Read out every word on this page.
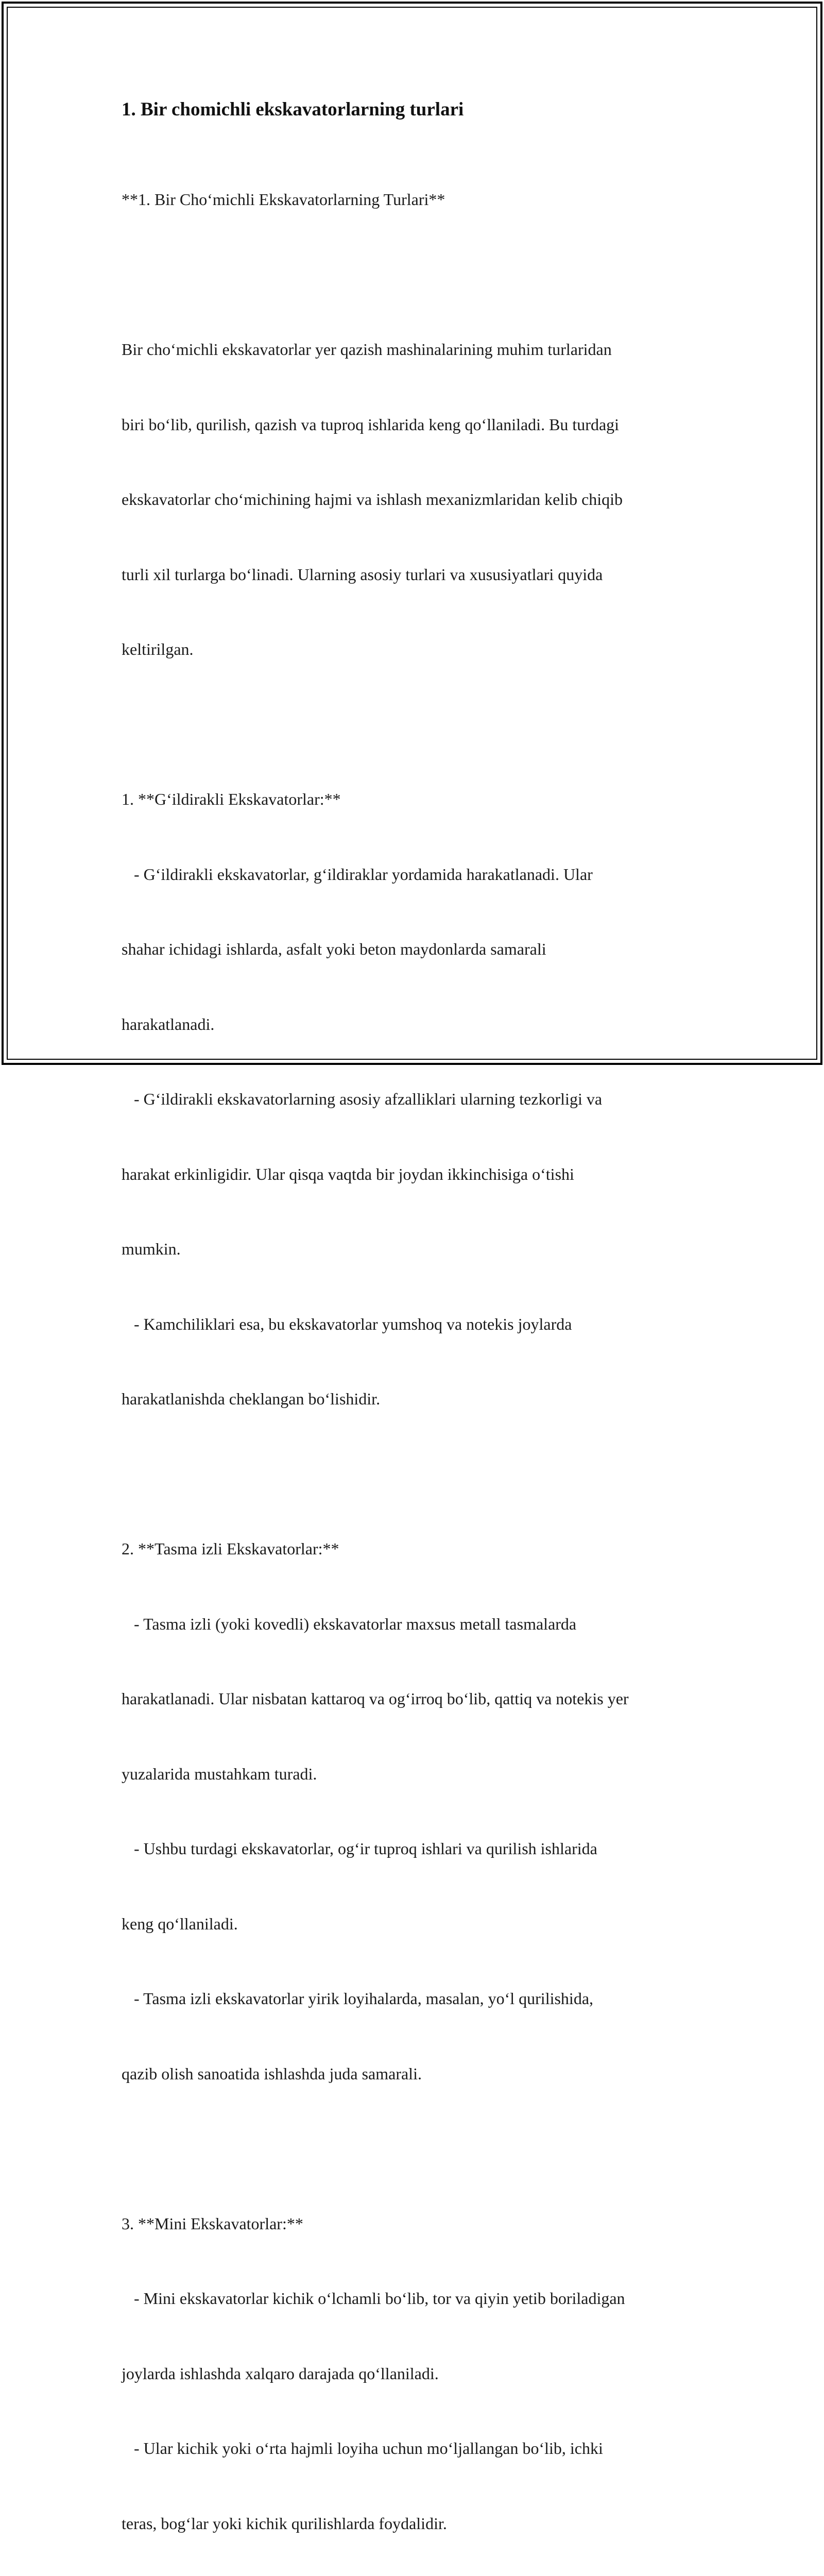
1. Bir chomichli ekskavatorlarning turlari

**1. Bir Cho‘michli Ekskavatorlarning Turlari**

Bir cho‘michli ekskavatorlar yer qazish mashinalarining muhim turlaridan

biri bo‘lib, qurilish, qazish va tuproq ishlarida keng qo‘llaniladi. Bu turdagi

ekskavatorlar cho‘michining hajmi va ishlash mexanizmlaridan kelib chiqib

turli xil turlarga bo‘linadi. Ularning asosiy turlari va xususiyatlari quyida

keltirilgan.

1. **G‘ildirakli Ekskavatorlar:**

- G‘ildirakli ekskavatorlar, g‘ildiraklar yordamida harakatlanadi. Ular

shahar ichidagi ishlarda, asfalt yoki beton maydonlarda samarali

harakatlanadi.

- G‘ildirakli ekskavatorlarning asosiy afzalliklari ularning tezkorligi va

harakat erkinligidir. Ular qisqa vaqtda bir joydan ikkinchisiga o‘tishi

mumkin.

- Kamchiliklari esa, bu ekskavatorlar yumshoq va notekis joylarda

harakatlanishda cheklangan bo‘lishidir.

2. **Tasma izli Ekskavatorlar:**

- Tasma izli (yoki kovedli) ekskavatorlar maxsus metall tasmalarda

harakatlanadi. Ular nisbatan kattaroq va og‘irroq bo‘lib, qattiq va notekis yer

yuzalarida mustahkam turadi.

- Ushbu turdagi ekskavatorlar, og‘ir tuproq ishlari va qurilish ishlarida

keng qo‘llaniladi.

- Tasma izli ekskavatorlar yirik loyihalarda, masalan, yo‘l qurilishida,

qazib olish sanoatida ishlashda juda samarali.

3. **Mini Ekskavatorlar:**

- Mini ekskavatorlar kichik o‘lchamli bo‘lib, tor va qiyin yetib boriladigan

joylarda ishlashda xalqaro darajada qo‘llaniladi.

- Ular kichik yoki o‘rta hajmli loyiha uchun mo‘ljallangan bo‘lib, ichki

teras, bog‘lar yoki kichik qurilishlarda foydalidir.
